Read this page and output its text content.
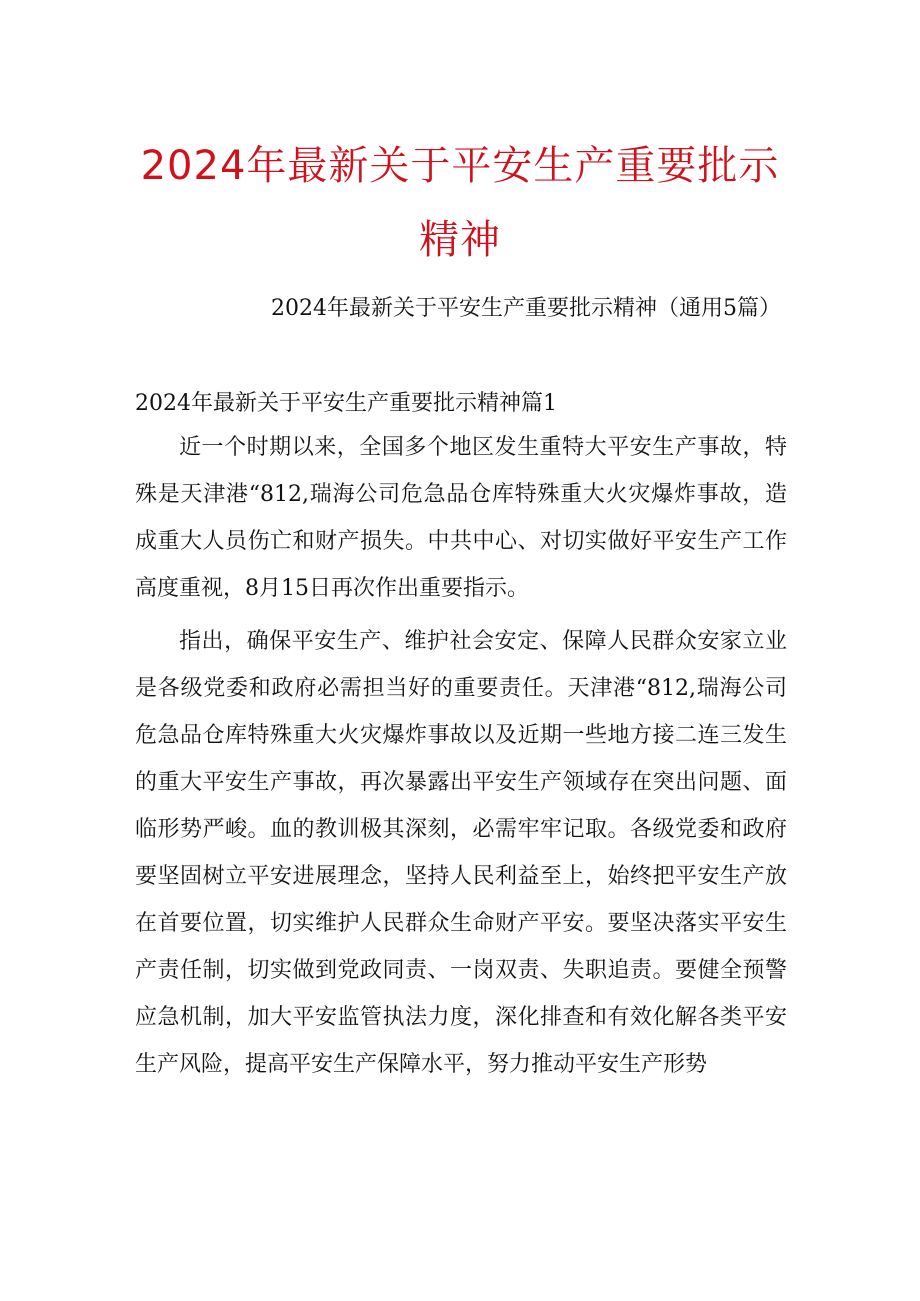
2024年最新关于平安生产重要批示
精神

2024年最新关于平安生产重要批示精神（通用5篇）

2024年最新关于平安生产重要批示精神篇1

近一个时期以来，全国多个地区发生重特大平安生产事故，特殊是天津港“812,瑞海公司危急品仓库特殊重大火灾爆炸事故，造成重大人员伤亡和财产损失。中共中心、对切实做好平安生产工作高度重视，8月15日再次作出重要指示。

指出，确保平安生产、维护社会安定、保障人民群众安家立业是各级党委和政府必需担当好的重要责任。天津港“812,瑞海公司危急品仓库特殊重大火灾爆炸事故以及近期一些地方接二连三发生的重大平安生产事故，再次暴露出平安生产领域存在突出问题、面临形势严峻。血的教训极其深刻，必需牢牢记取。各级党委和政府要坚固树立平安进展理念，坚持人民利益至上，始终把平安生产放在首要位置，切实维护人民群众生命财产平安。要坚决落实平安生产责任制，切实做到党政同责、一岗双责、失职追责。要健全预警应急机制，加大平安监管执法力度，深化排查和有效化解各类平安生产风险，提高平安生产保障水平，努力推动平安生产形势
